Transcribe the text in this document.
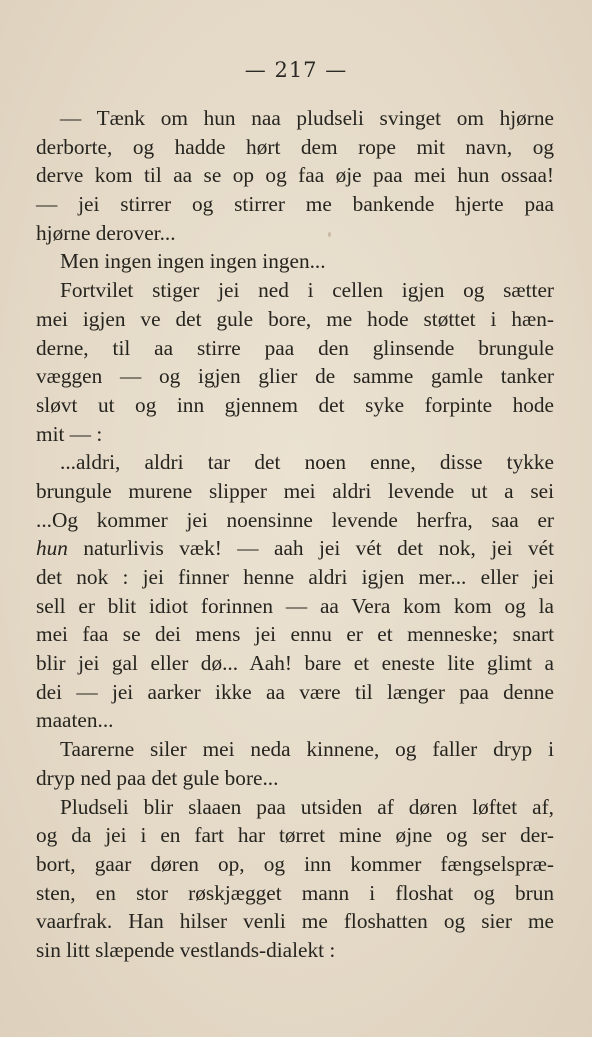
— 217 —
— Tænk om hun naa pludseli svinget om hjørne
derborte, og hadde hørt dem rope mit navn, og
derve kom til aa se op og faa øje paa mei hun ossaa!
— jei stirrer og stirrer me bankende hjerte paa
hjørne derover...
Men ingen ingen ingen ingen...
Fortvilet stiger jei ned i cellen igjen og sætter
mei igjen ve det gule bore, me hode støttet i hæn-
derne, til aa stirre paa den glinsende brungule
væggen — og igjen glier de samme gamle tanker
sløvt ut og inn gjennem det syke forpinte hode
mit — :
...aldri, aldri tar det noen enne, disse tykke
brungule murene slipper mei aldri levende ut a sei
...Og kommer jei noensinne levende herfra, saa er
hun naturlivis væk! — aah jei vét det nok, jei vét
det nok : jei finner henne aldri igjen mer... eller jei
sell er blit idiot forinnen — aa Vera kom kom og la
mei faa se dei mens jei ennu er et menneske; snart
blir jei gal eller dø... Aah! bare et eneste lite glimt a
dei — jei aarker ikke aa være til længer paa denne
maaten...
Taarerne siler mei neda kinnene, og faller dryp i
dryp ned paa det gule bore...
Pludseli blir slaaen paa utsiden af døren løftet af,
og da jei i en fart har tørret mine øjne og ser der-
bort, gaar døren op, og inn kommer fængselspræ-
sten, en stor røskjægget mann i floshat og brun
vaarfrak. Han hilser venli me floshatten og sier me
sin litt slæpende vestlands-dialekt :
